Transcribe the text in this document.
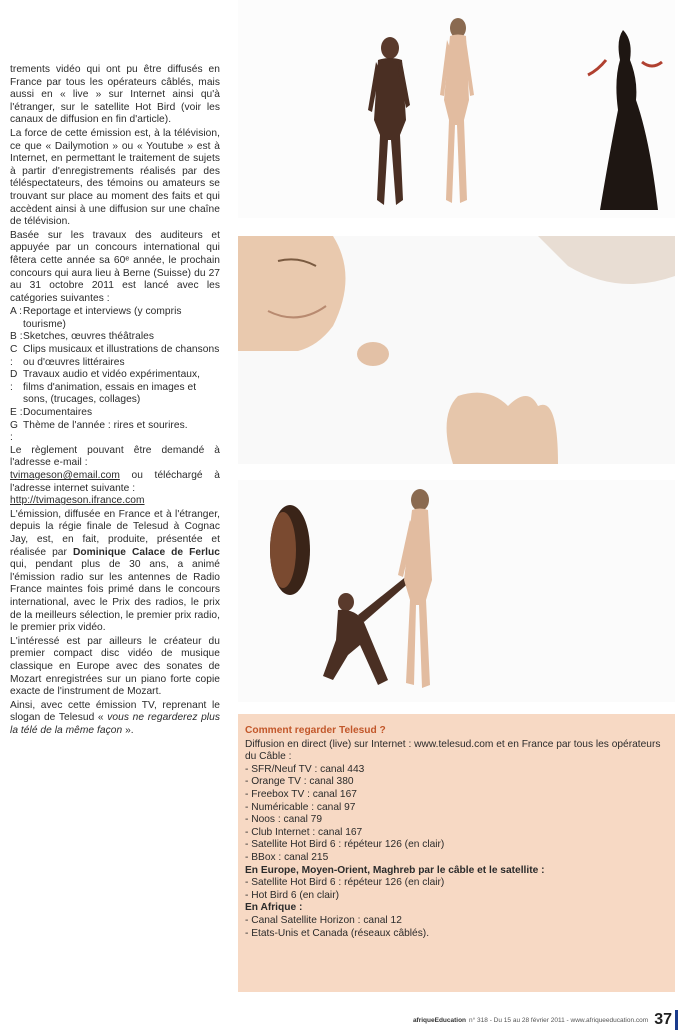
trements vidéo qui ont pu être diffusés en France par tous les opérateurs câblés, mais aussi en « live » sur Internet ainsi qu'à l'étranger, sur le satellite Hot Bird (voir les canaux de diffusion en fin d'article).

La force de cette émission est, à la télévision, ce que « Dailymotion » ou « Youtube » est à Internet, en permettant le traitement de sujets à partir d'enregistrements réalisés par des téléspectateurs, des témoins ou amateurs se trouvant sur place au moment des faits et qui accèdent ainsi à une diffusion sur une chaîne de télévision.

Basée sur les travaux des auditeurs et appuyée par un concours international qui fêtera cette année sa 60ᵉ année, le prochain concours qui aura lieu à Berne (Suisse) du 27 au 31 octobre 2011 est lancé avec les catégories suivantes :

A : Reportage et interviews (y compris tourisme)
B : Sketches, œuvres théâtrales
C :
Clips musicaux et illustrations de chansons ou d'œuvres littéraires
D :
Travaux audio et vidéo expérimentaux, films d'animation, essais en images et sons, (trucages, collages)
E : Documentaires
G :
Thème de l'année : rires et sourires.

Le règlement pouvant être demandé à l'adresse e-mail :
tvimageson@email.com ou téléchargé à l'adresse internet suivante :
http://tvimageson.ifrance.com

L'émission, diffusée en France et à l'étranger, depuis la régie finale de Telesud à Cognac Jay, est, en fait, produite, présentée et réalisée par Dominique Calace de Ferluc qui, pendant plus de 30 ans, a animé l'émission radio sur les antennes de Radio France maintes fois primé dans le concours international, avec le Prix des radios, le prix de la meilleurs sélection, le premier prix radio, le premier prix vidéo.

L'intéressé est par ailleurs le créateur du premier compact disc vidéo de musique classique en Europe avec des sonates de Mozart enregistrées sur un piano forte copie exacte de l'instrument de Mozart.

Ainsi, avec cette émission TV, reprenant le slogan de Telesud « vous ne regarderez plus la télé de la même façon ».	Comment regarder Telesud ?

Diffusion en direct (live) sur Internet : www.telesud.com et en France par tous les opérateurs du Câble :

- SFR/Neuf TV : canal 443
- Orange TV : canal 380
- Freebox TV : canal 167
- Numéricable : canal 97
- Noos : canal 79
- Club Internet : canal 167
- Satellite Hot Bird 6 : répéteur 126 (en clair)
- BBox : canal 215

En Europe, Moyen-Orient, Maghreb par le câble et le satellite :

- Satellite Hot Bird 6 : répéteur 126 (en clair)
- Hot Bird 6 (en clair)

En Afrique :

- Canal Satellite Horizon : canal 12
- Etats-Unis et Canada (réseaux câblés).
afriqueEducation n° 318 - Du 15 au 28 février 2011 - www.afriqueeducation.com 37
